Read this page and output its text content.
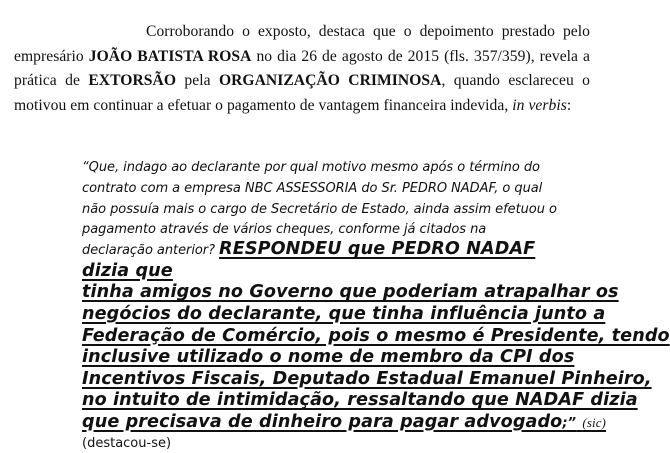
Corroborando o exposto, destaca que o depoimento prestado pelo empresário JOÃO BATISTA ROSA no dia 26 de agosto de 2015 (fls. 357/359), revela a prática de EXTORSÃO pela ORGANIZAÇÃO CRIMINOSA, quando esclareceu o motivou em continuar a efetuar o pagamento de vantagem financeira indevida, in verbis:

“Que, indago ao declarante por qual motivo mesmo após o término do contrato com a empresa NBC ASSESSORIA do Sr. PEDRO NADAF, o qual não possuía mais o cargo de Secretário de Estado, ainda assim efetuou o pagamento através de vários cheques, conforme já citados na declaração anterior? RESPONDEU que PEDRO NADAF dizia que
tinha amigos no Governo que poderiam atrapalhar os
negócios do declarante, que tinha influência junto a
Federação de Comércio, pois o mesmo é Presidente, tendo
inclusive utilizado o nome de membro da CPI dos
Incentivos Fiscais, Deputado Estadual Emanuel Pinheiro,
no intuito de intimidação, ressaltando que NADAF dizia
que precisava de dinheiro para pagar advogado;” (sic)
(destacou-se)
